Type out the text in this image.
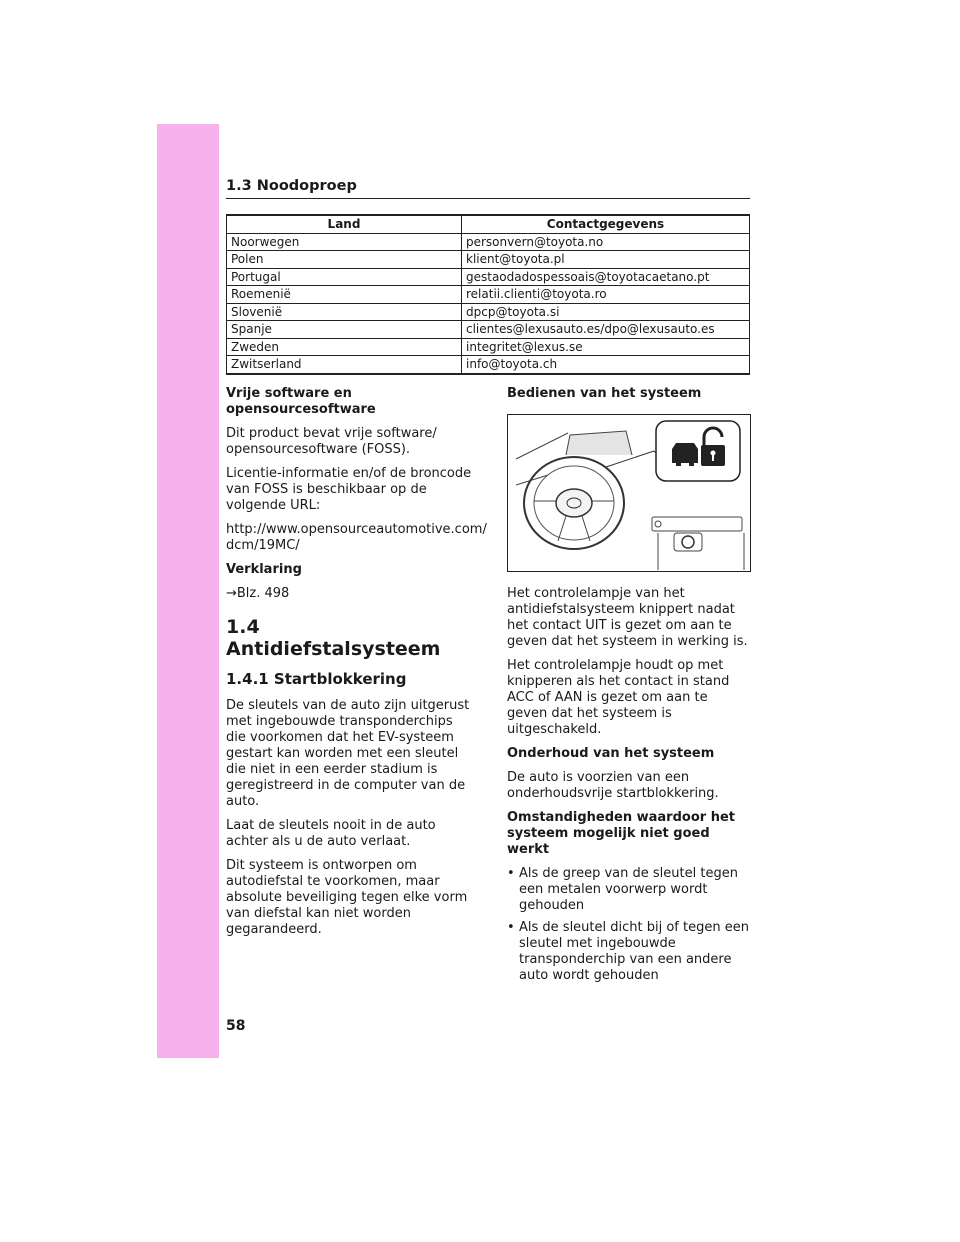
1.3 Noodoproep
Land	Contactgegevens
Noorwegen	personvern@toyota.no
Polen	klient@toyota.pl
Portugal	gestaodadospessoais@toyotacaetano.pt
Roemenië	relatii.clienti@toyota.ro
Slovenië	dpcp@toyota.si
Spanje	clientes@lexusauto.es/dpo@lexusauto.es
Zweden	integritet@lexus.se
Zwitserland	info@toyota.ch

Vrije software en opensourcesoftware

Dit product bevat vrije software/ opensourcesoftware (FOSS).

Licentie-informatie en/of de broncode van FOSS is beschikbaar op de volgende URL:

http://www.opensourceautomotive.com/ dcm/19MC/

Verklaring

→Blz. 498

1.4 Antidiefstalsysteem
1.4.1 Startblokkering

De sleutels van de auto zijn uitgerust met ingebouwde transponderchips die voorkomen dat het EV-systeem gestart kan worden met een sleutel die niet in een eerder stadium is geregistreerd in de computer van de auto.

Laat de sleutels nooit in de auto achter als u de auto verlaat.

Dit systeem is ontworpen om autodiefstal te voorkomen, maar absolute beveiliging tegen elke vorm van diefstal kan niet worden gegarandeerd.

Bedienen van het systeem

Het controlelampje van het antidiefstalsysteem knippert nadat het contact UIT is gezet om aan te geven dat het systeem in werking is.

Het controlelampje houdt op met knipperen als het contact in stand ACC of AAN is gezet om aan te geven dat het systeem is uitgeschakeld.

Onderhoud van het systeem

De auto is voorzien van een onderhoudsvrije startblokkering.

Omstandigheden waardoor het systeem mogelijk niet goed werkt

• Als de greep van de sleutel tegen een metalen voorwerp wordt gehouden
• Als de sleutel dicht bij of tegen een sleutel met ingebouwde transponderchip van een andere auto wordt gehouden
58
